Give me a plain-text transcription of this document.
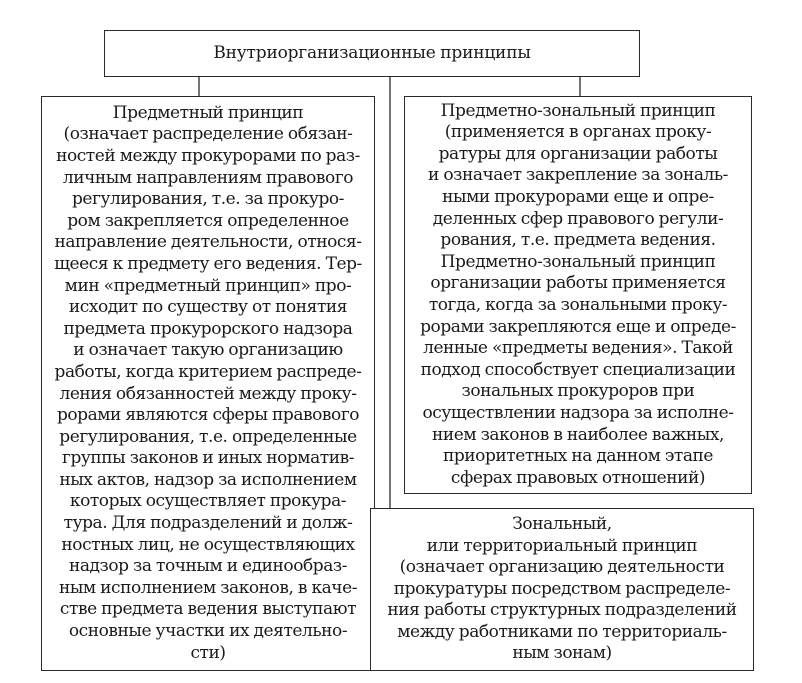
Внутриорганизационные принципы
Предметный принцип
(означает распределение обязан-
ностей между прокурорами по раз-
личным направлениям правового
регулирования, т.е. за прокуро-
ром закрепляется определенное
направление деятельности, относя-
щееся к предмету его ведения. Тер-
мин «предметный принцип» про-
исходит по существу от понятия
предмета прокурорского надзора
и означает такую организацию
работы, когда критерием распреде-
ления обязанностей между проку-
рорами являются сферы правового
регулирования, т.е. определенные
группы законов и иных норматив-
ных актов, надзор за исполнением
которых осуществляет прокура-
тура. Для подразделений и долж-
ностных лиц, не осуществляющих
надзор за точным и единообраз-
ным исполнением законов, в каче-
стве предмета ведения выступают
основные участки их деятельно-
сти)
Предметно-зональный принцип
(применяется в органах проку-
ратуры для организации работы
и означает закрепление за зональ-
ными прокурорами еще и опре-
деленных сфер правового регули-
рования, т.е. предмета ведения.
Предметно-зональный принцип
организации работы применяется
тогда, когда за зональными проку-
рорами закрепляются еще и опреде-
ленные «предметы ведения». Такой
подход способствует специализации
зональных прокуроров при
осуществлении надзора за исполне-
нием законов в наиболее важных,
приоритетных на данном этапе
сферах правовых отношений)
Зональный,
или территориальный принцип
(означает организацию деятельности
прокуратуры посредством распределе-
ния работы структурных подразделений
между работниками по территориаль-
ным зонам)
